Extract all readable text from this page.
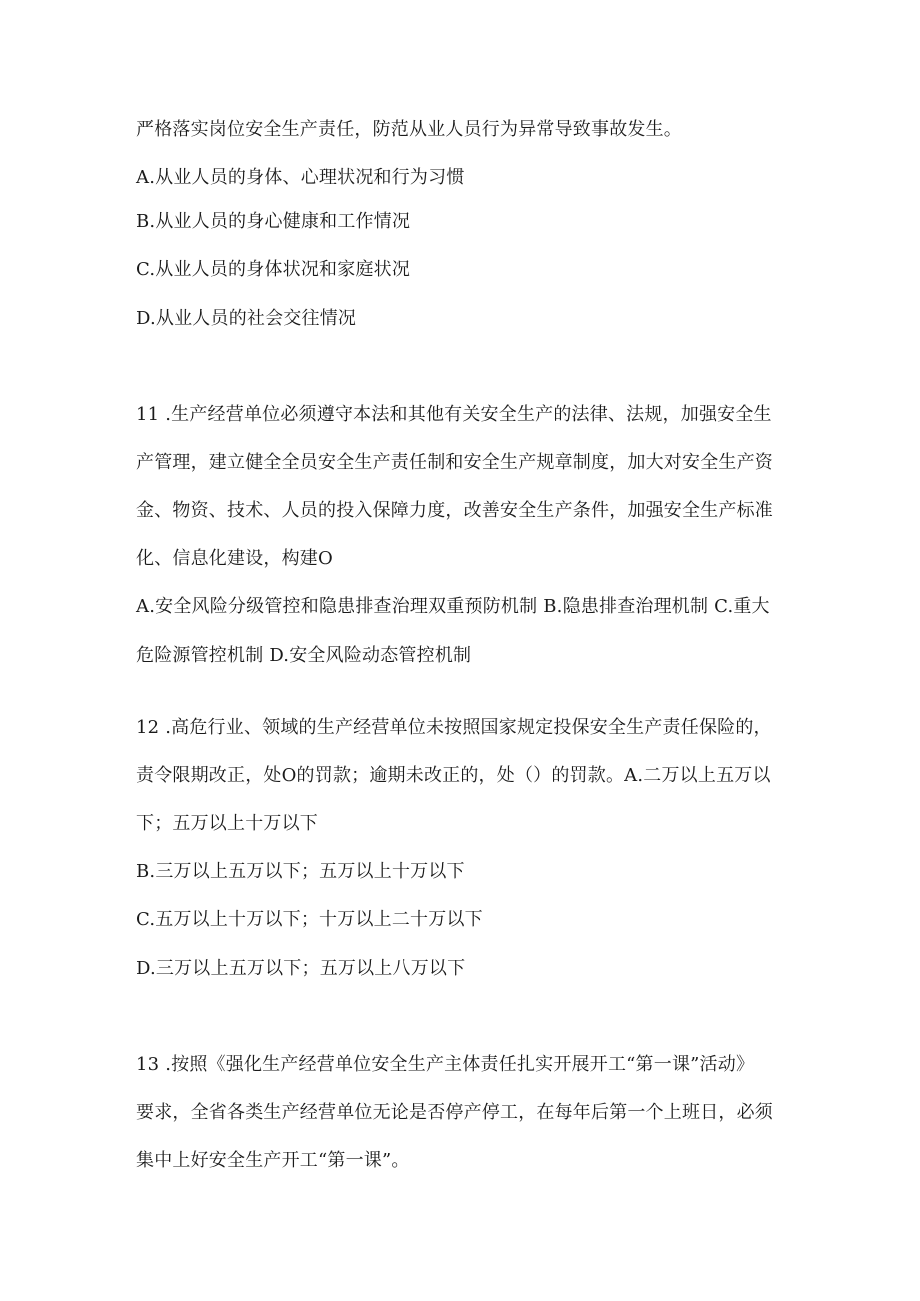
严格落实岗位安全生产责任，防范从业人员行为异常导致事故发生。
A.从业人员的身体、心理状况和行为习惯
B.从业人员的身心健康和工作情况
C.从业人员的身体状况和家庭状况
D.从业人员的社会交往情况
11 .生产经营单位必须遵守本法和其他有关安全生产的法律、法规，加强安全生
产管理，建立健全全员安全生产责任制和安全生产规章制度，加大对安全生产资
金、物资、技术、人员的投入保障力度，改善安全生产条件，加强安全生产标准
化、信息化建设，构建O
A.安全风险分级管控和隐患排查治理双重预防机制 B.隐患排查治理机制 C.重大
危险源管控机制 D.安全风险动态管控机制
12 .高危行业、领域的生产经营单位未按照国家规定投保安全生产责任保险的，
责令限期改正，处O的罚款；逾期未改正的，处（）的罚款。A.二万以上五万以
下；五万以上十万以下
B.三万以上五万以下；五万以上十万以下
C.五万以上十万以下；十万以上二十万以下
D.三万以上五万以下；五万以上八万以下
13 .按照《强化生产经营单位安全生产主体责任扎实开展开工“第一课”活动》
要求，全省各类生产经营单位无论是否停产停工，在每年后第一个上班日，必须
集中上好安全生产开工“第一课”。
